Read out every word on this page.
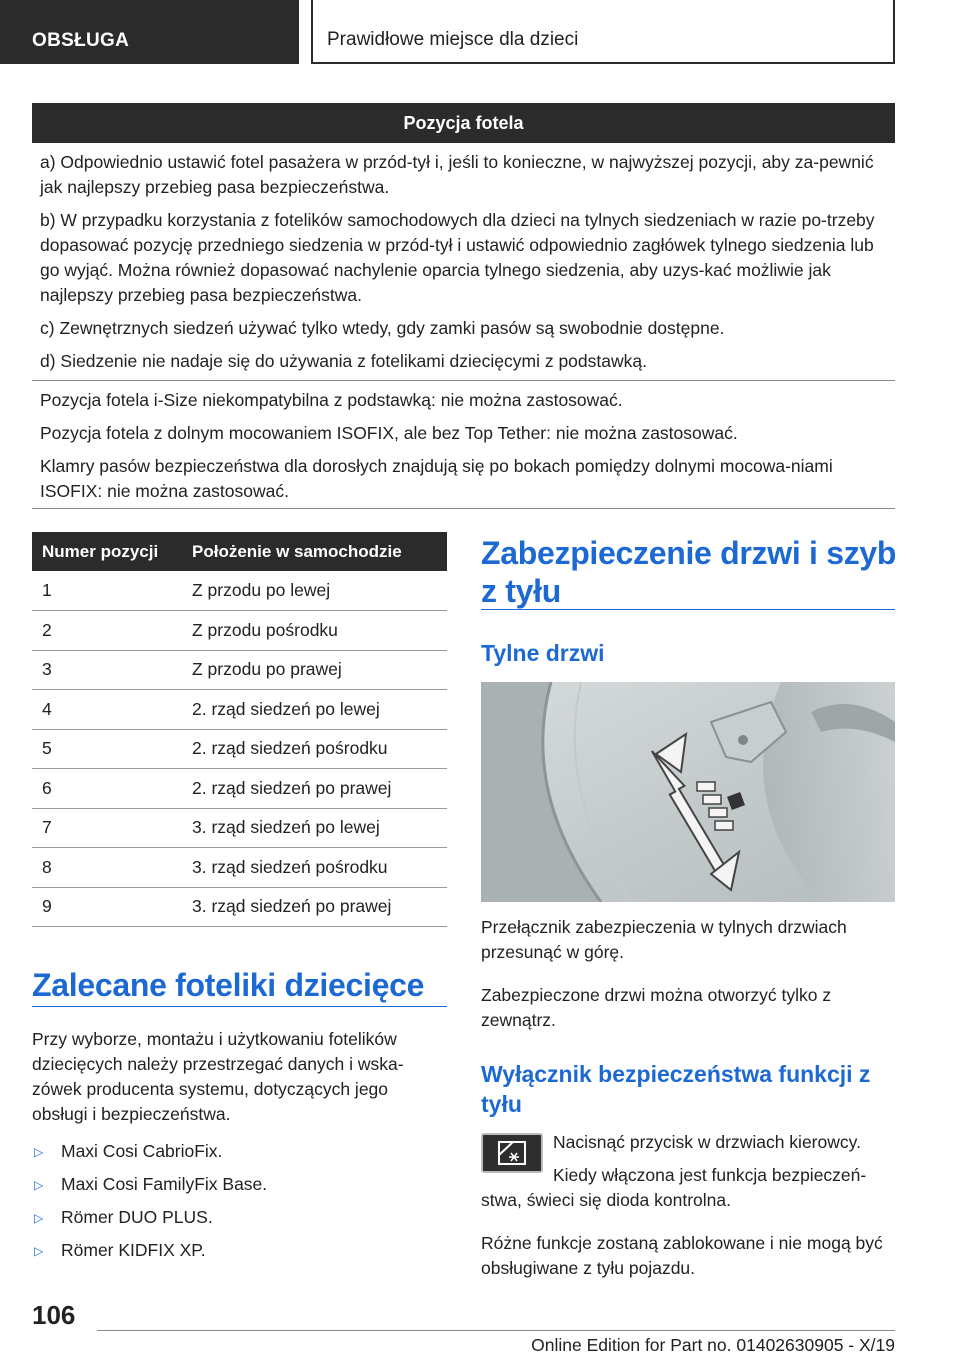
OBSŁUGA	Prawidłowe miejsce dla dzieci
Pozycja fotela

a) Odpowiednio ustawić fotel pasażera w przód-tył i, jeśli to konieczne, w najwyższej pozycji, aby za-pewnić jak najlepszy przebieg pasa bezpieczeństwa.

b) W przypadku korzystania z fotelików samochodowych dla dzieci na tylnych siedzeniach w razie po-trzeby dopasować pozycję przedniego siedzenia w przód-tył i ustawić odpowiednio zagłówek tylnego siedzenia lub go wyjąć. Można również dopasować nachylenie oparcia tylnego siedzenia, aby uzys-kać możliwie jak najlepszy przebieg pasa bezpieczeństwa.

c) Zewnętrznych siedzeń używać tylko wtedy, gdy zamki pasów są swobodnie dostępne.

d) Siedzenie nie nadaje się do używania z fotelikami dziecięcymi z podstawką.

Pozycja fotela i-Size niekompatybilna z podstawką: nie można zastosować.

Pozycja fotela z dolnym mocowaniem ISOFIX, ale bez Top Tether: nie można zastosować.

Klamry pasów bezpieczeństwa dla dorosłych znajdują się po bokach pomiędzy dolnymi mocowa-niami ISOFIX: nie można zastosować.

Numer pozycji	Położenie w samochodzie
1	Z przodu po lewej
2	Z przodu pośrodku
3	Z przodu po prawej
4	2. rząd siedzeń po lewej
5	2. rząd siedzeń pośrodku
6	2. rząd siedzeń po prawej
7	3. rząd siedzeń po lewej
8	3. rząd siedzeń pośrodku
9	3. rząd siedzeń po prawej
Zalecane foteliki dziecięce
Przy wyborze, montażu i użytkowaniu fotelików dziecięcych należy przestrzegać danych i wska-zówek producenta systemu, dotyczących jego obsługi i bezpieczeństwa.
▷	Maxi Cosi CabrioFix.
▷	Maxi Cosi FamilyFix Base.
▷	Römer DUO PLUS.
▷	Römer KIDFIX XP.
Zabezpieczenie drzwi i szyb z tyłu
Tylne drzwi
Przełącznik zabezpieczenia w tylnych drzwiach przesunąć w górę.
Zabezpieczone drzwi można otworzyć tylko z zewnątrz.
Wyłącznik bezpieczeństwa funkcji z tyłu
Nacisnąć przycisk w drzwiach kierowcy.
Kiedy włączona jest funkcja bezpieczeń-stwa, świeci się dioda kontrolna.
Różne funkcje zostaną zablokowane i nie mogą być obsługiwane z tyłu pojazdu.
106
Online Edition for Part no. 01402630905 - X/19
